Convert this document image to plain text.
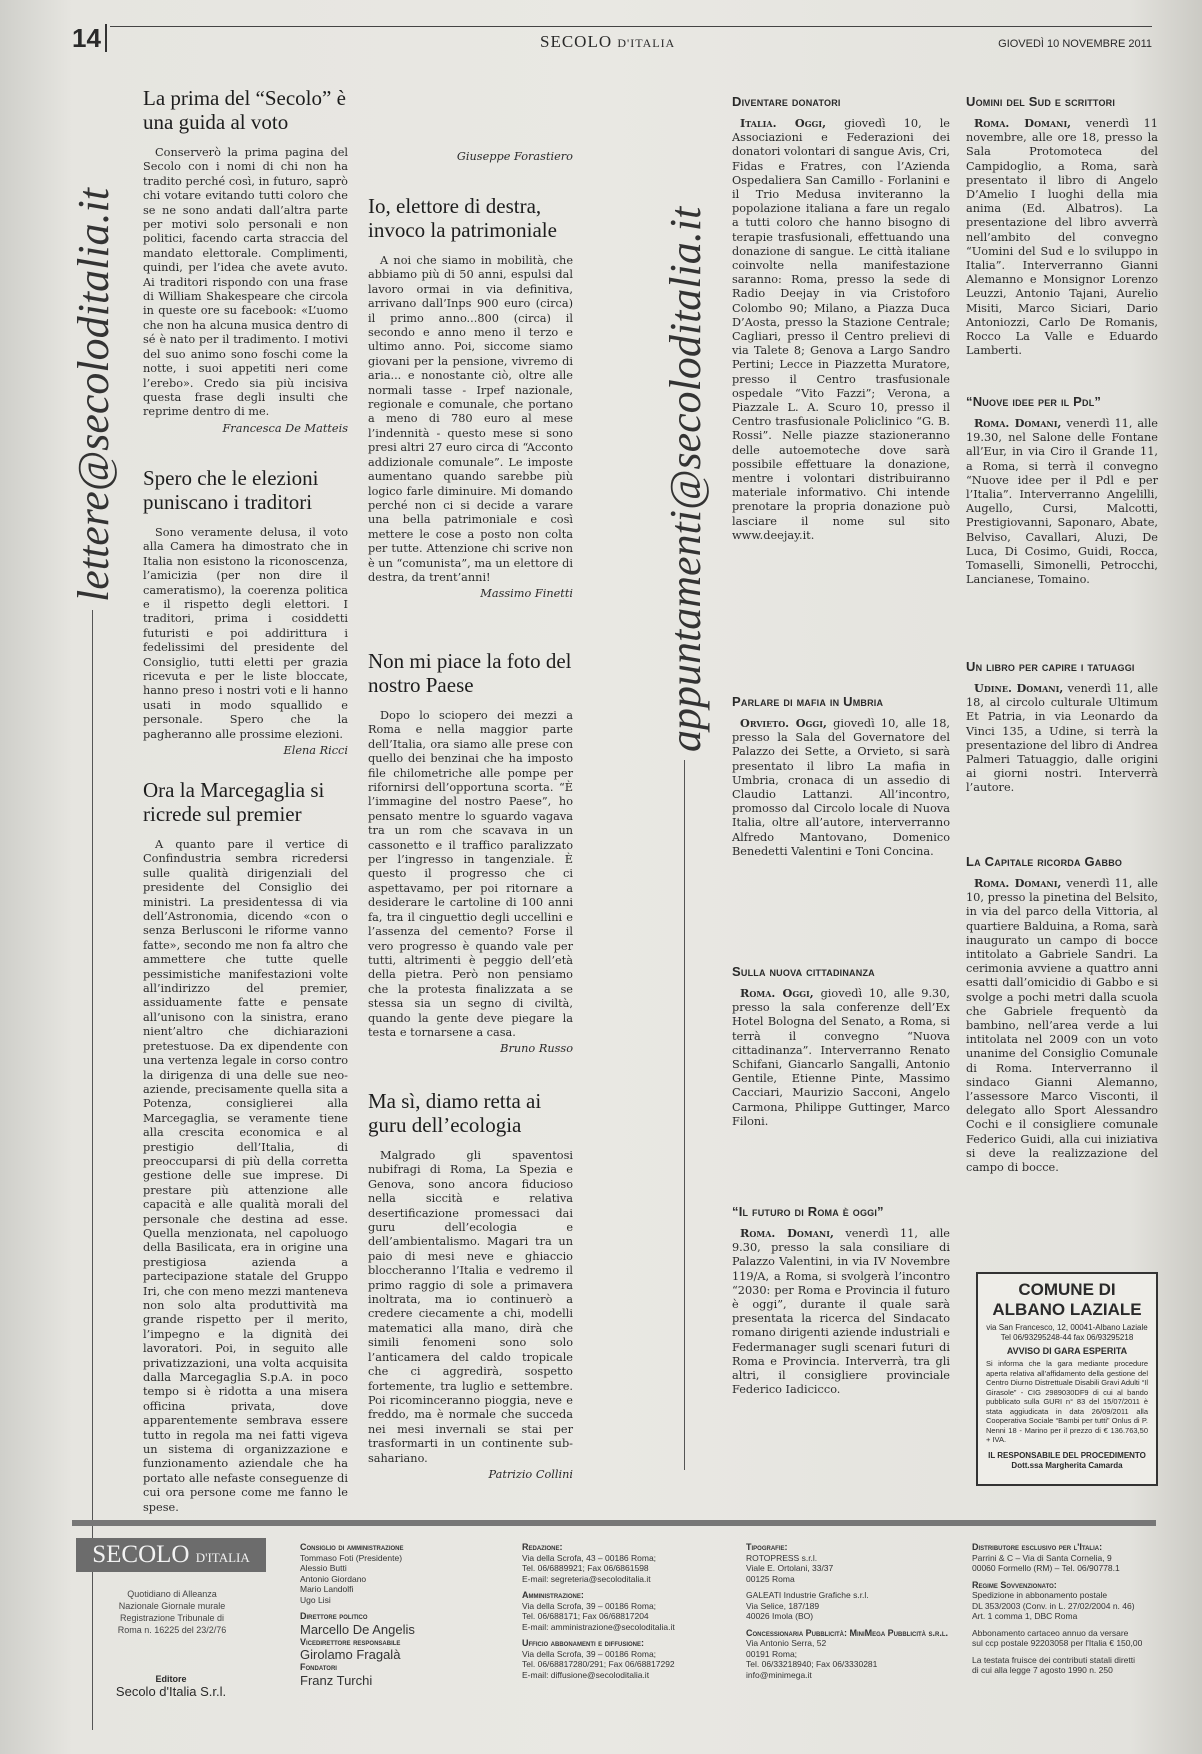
14	SECOLO D'ITALIA	GIOVEDÌ 10 NOVEMBRE 2011
lettere@secoloditalia.it	appuntamenti@secoloditalia.it
La prima del “Secolo” è una guida al voto

Conserverò la prima pagina del Secolo con i nomi di chi non ha tradito perché così, in futuro, saprò chi votare evitando tutti coloro che se ne sono andati dall’altra parte per motivi solo personali e non politici, facendo carta straccia del mandato elettorale. Complimenti, quindi, per l’idea che avete avuto. Ai traditori rispondo con una frase di William Shakespeare che circola in queste ore su facebook: «L’uomo che non ha alcuna musica dentro di sé è nato per il tradimento. I motivi del suo animo sono foschi come la notte, i suoi appetiti neri come l’erebo». Credo sia più incisiva questa frase degli insulti che reprime dentro di me.

Francesca De Matteis
Spero che le elezioni puniscano i traditori

Sono veramente delusa, il voto alla Camera ha dimostrato che in Italia non esistono la riconoscenza, l’amicizia (per non dire il cameratismo), la coerenza politica e il rispetto degli elettori. I traditori, prima i cosiddetti futuristi e poi addirittura i fedelissimi del presidente del Consiglio, tutti eletti per grazia ricevuta e per le liste bloccate, hanno preso i nostri voti e li hanno usati in modo squallido e personale. Spero che la pagheranno alle prossime elezioni.

Elena Ricci
Ora la Marcegaglia si ricrede sul premier

A quanto pare il vertice di Confindustria sembra ricredersi sulle qualità dirigenziali del presidente del Consiglio dei ministri. La presidentessa di via dell’Astronomia, dicendo «con o senza Berlusconi le riforme vanno fatte», secondo me non fa altro che ammettere che tutte quelle pessimistiche manifestazioni volte all’indirizzo del premier, assiduamente fatte e pensate all’unisono con la sinistra, erano nient’altro che dichiarazioni pretestuose. Da ex dipendente con una vertenza legale in corso contro la dirigenza di una delle sue neo-aziende, precisamente quella sita a Potenza, consiglierei alla Marcegaglia, se veramente tiene alla crescita economica e al prestigio dell’Italia, di preoccuparsi di più della corretta gestione delle sue imprese. Di prestare più attenzione alle capacità e alle qualità morali del personale che destina ad esse. Quella menzionata, nel capoluogo della Basilicata, era in origine una prestigiosa azienda a partecipazione statale del Gruppo Iri, che con meno mezzi manteneva non solo alta produttività ma grande rispetto per il merito, l’impegno e la dignità dei lavoratori. Poi, in seguito alle privatizzazioni, una volta acquisita dalla Marcegaglia S.p.A. in poco tempo si è ridotta a una misera officina privata, dove apparentemente sembrava essere tutto in regola ma nei fatti vigeva un sistema di organizzazione e funzionamento aziendale che ha portato alle nefaste conseguenze di cui ora persone come me fanno le spese.

Giuseppe Forastiero
Io, elettore di destra, invoco la patrimoniale

A noi che siamo in mobilità, che abbiamo più di 50 anni, espulsi dal lavoro ormai in via definitiva, arrivano dall’Inps 900 euro (circa) il primo anno...800 (circa) il secondo e anno meno il terzo e ultimo anno. Poi, siccome siamo giovani per la pensione, vivremo di aria... e nonostante ciò, oltre alle normali tasse - Irpef nazionale, regionale e comunale, che portano a meno di 780 euro al mese l’indennità - questo mese si sono presi altri 27 euro circa di “Acconto addizionale comunale”. Le imposte aumentano quando sarebbe più logico farle diminuire. Mi domando perché non ci si decide a varare una bella patrimoniale e così mettere le cose a posto non colta per tutte. Attenzione chi scrive non è un “comunista”, ma un elettore di destra, da trent’anni!

Massimo Finetti
Non mi piace la foto del nostro Paese

Dopo lo sciopero dei mezzi a Roma e nella maggior parte dell’Italia, ora siamo alle prese con quello dei benzinai che ha imposto file chilometriche alle pompe per rifornirsi dell’opportuna scorta. “È l’immagine del nostro Paese”, ho pensato mentre lo sguardo vagava tra un rom che scavava in un cassonetto e il traffico paralizzato per l’ingresso in tangenziale. È questo il progresso che ci aspettavamo, per poi ritornare a desiderare le cartoline di 100 anni fa, tra il cinguettio degli uccellini e l’assenza del cemento? Forse il vero progresso è quando vale per tutti, altrimenti è peggio dell’età della pietra. Però non pensiamo che la protesta finalizzata a se stessa sia un segno di civiltà, quando la gente deve piegare la testa e tornarsene a casa.

Bruno Russo
Ma sì, diamo retta ai guru dell’ecologia

Malgrado gli spaventosi nubifragi di Roma, La Spezia e Genova, sono ancora fiducioso nella siccità e relativa desertificazione promessaci dai guru dell’ecologia e dell’ambientalismo. Magari tra un paio di mesi neve e ghiaccio bloccheranno l’Italia e vedremo il primo raggio di sole a primavera inoltrata, ma io continuerò a credere ciecamente a chi, modelli matematici alla mano, dirà che simili fenomeni sono solo l’anticamera del caldo tropicale che ci aggredirà, sospetto fortemente, tra luglio e settembre. Poi ricominceranno pioggia, neve e freddo, ma è normale che succeda nei mesi invernali se stai per trasformarti in un continente sub-sahariano.

Patrizio Collini
Diventare donatori

Italia. Oggi, giovedì 10, le Associazioni e Federazioni dei donatori volontari di sangue Avis, Cri, Fidas e Fratres, con l’Azienda Ospedaliera San Camillo - Forlanini e il Trio Medusa inviteranno la popolazione italiana a fare un regalo a tutti coloro che hanno bisogno di terapie trasfusionali, effettuando una donazione di sangue. Le città italiane coinvolte nella manifestazione saranno: Roma, presso la sede di Radio Deejay in via Cristoforo Colombo 90; Milano, a Piazza Duca D’Aosta, presso la Stazione Centrale; Cagliari, presso il Centro prelievi di via Talete 8; Genova a Largo Sandro Pertini; Lecce in Piazzetta Muratore, presso il Centro trasfusionale ospedale “Vito Fazzi”; Verona, a Piazzale L. A. Scuro 10, presso il Centro trasfusionale Policlinico “G. B. Rossi”. Nelle piazze stazioneranno delle autoemoteche dove sarà possibile effettuare la donazione, mentre i volontari distribuiranno materiale informativo. Chi intende prenotare la propria donazione può lasciare il nome sul sito www.deejay.it.

Parlare di mafia in Umbria

Orvieto. Oggi, giovedì 10, alle 18, presso la Sala del Governatore del Palazzo dei Sette, a Orvieto, si sarà presentato il libro La mafia in Umbria, cronaca di un assedio di Claudio Lattanzi. All’incontro, promosso dal Circolo locale di Nuova Italia, oltre all’autore, interverranno Alfredo Mantovano, Domenico Benedetti Valentini e Toni Concina.

Sulla nuova cittadinanza

Roma. Oggi, giovedì 10, alle 9.30, presso la sala conferenze dell’Ex Hotel Bologna del Senato, a Roma, si terrà il convegno “Nuova cittadinanza”. Interverranno Renato Schifani, Giancarlo Sangalli, Antonio Gentile, Etienne Pinte, Massimo Cacciari, Maurizio Sacconi, Angelo Carmona, Philippe Guttinger, Marco Filoni.

“Il futuro di Roma è oggi”

Roma. Domani, venerdì 11, alle 9.30, presso la sala consiliare di Palazzo Valentini, in via IV Novembre 119/A, a Roma, si svolgerà l’incontro “2030: per Roma e Provincia il futuro è oggi”, durante il quale sarà presentata la ricerca del Sindacato romano dirigenti aziende industriali e Federmanager sugli scenari futuri di Roma e Provincia. Interverrà, tra gli altri, il consigliere provinciale Federico Iadicicco.

Uomini del Sud e scrittori

Roma. Domani, venerdì 11 novembre, alle ore 18, presso la Sala Protomoteca del Campidoglio, a Roma, sarà presentato il libro di Angelo D’Amelio I luoghi della mia anima (Ed. Albatros). La presentazione del libro avverrà nell’ambito del convegno “Uomini del Sud e lo sviluppo in Italia”. Interverranno Gianni Alemanno e Monsignor Lorenzo Leuzzi, Antonio Tajani, Aurelio Misiti, Marco Siciari, Dario Antoniozzi, Carlo De Romanis, Rocco La Valle e Eduardo Lamberti.

“Nuove idee per il Pdl”

Roma. Domani, venerdì 11, alle 19.30, nel Salone delle Fontane all’Eur, in via Ciro il Grande 11, a Roma, si terrà il convegno “Nuove idee per il Pdl e per l’Italia”. Interverranno Angelilli, Augello, Cursi, Malcotti, Prestigiovanni, Saponaro, Abate, Belviso, Cavallari, Aluzi, De Luca, Di Cosimo, Guidi, Rocca, Tomaselli, Simonelli, Petrocchi, Lancianese, Tomaino.

Un libro per capire i tatuaggi

Udine. Domani, venerdì 11, alle 18, al circolo culturale Ultimum Et Patria, in via Leonardo da Vinci 135, a Udine, si terrà la presentazione del libro di Andrea Palmeri Tatuaggio, dalle origini ai giorni nostri. Interverrà l’autore.

La Capitale ricorda Gabbo

Roma. Domani, venerdì 11, alle 10, presso la pinetina del Belsito, in via del parco della Vittoria, al quartiere Balduina, a Roma, sarà inaugurato un campo di bocce intitolato a Gabriele Sandri. La cerimonia avviene a quattro anni esatti dall’omicidio di Gabbo e si svolge a pochi metri dalla scuola che Gabriele frequentò da bambino, nell’area verde a lui intitolata nel 2009 con un voto unanime del Consiglio Comunale di Roma. Interverranno il sindaco Gianni Alemanno, l’assessore Marco Visconti, il delegato allo Sport Alessandro Cochi e il consigliere comunale Federico Guidi, alla cui iniziativa si deve la realizzazione del campo di bocce.

COMUNE DI
ALBANO LAZIALE
via San Francesco, 12, 00041-Albano Laziale Tel 06/93295248-44 fax 06/93295218
AVVISO DI GARA ESPERITA
Si informa che la gara mediante procedure aperta relativa all’affidamento della gestione del Centro Diurno Distrettuale Disabili Gravi Adulti “Il Girasole” - CIG 2989030DF9 di cui al bando pubblicato sulla GURI n° 83 del 15/07/2011 è stata aggiudicata in data 26/09/2011 alla Cooperativa Sociale “Bambi per tutti” Onlus di P. Nenni 18 - Marino per il prezzo di € 136.763,50 + IVA.
IL RESPONSABILE DEL PROCEDIMENTO Dott.ssa Margherita Camarda
SECOLO D'ITALIA
Quotidiano di Alleanza Nazionale Giornale murale Registrazione Tribunale di Roma n. 16225 del 23/2/76
Editore
Secolo d'Italia S.r.l.
Consiglio di amministrazione
Tommaso Foti (Presidente)
Alessio Butti
Antonio Giordano
Mario Landolfi
Ugo Lisi
Direttore politico
Marcello De Angelis
Vicedirettore responsabile
Girolamo Fragalà
Fondatori
Franz Turchi
Redazione:
Via della Scrofa, 43 – 00186 Roma;
Tel. 06/6889921; Fax 06/6861598
E-mail: segreteria@secoloditalia.it
Amministrazione:
Via della Scrofa, 39 – 00186 Roma;
Tel. 06/688171; Fax 06/68817204
E-mail: amministrazione@secoloditalia.it
Ufficio abbonamenti e diffusione:
Via della Scrofa, 39 – 00186 Roma;
Tel. 06/68817280/291; Fax 06/68817292
E-mail: diffusione@secoloditalia.it
Tipografie:
ROTOPRESS s.r.l.
Viale E. Ortolani, 33/37
00125 Roma
GALEATI Industrie Grafiche s.r.l.
Via Selice, 187/189
40026 Imola (BO)
Concessionaria Pubblicità: MiniMega Pubblicità s.r.l.
Via Antonio Serra, 52
00191 Roma;
Tel. 06/33218940; Fax 06/3330281
info@minimega.it
Distributore esclusivo per l'Italia:
Parrini & C – Via di Santa Cornelia, 9
00060 Formello (RM) – Tel. 06/90778.1
Regime Sovvenzionato:
Spedizione in abbonamento postale
DL 353/2003 (Conv. in L. 27/02/2004 n. 46)
Art. 1 comma 1, DBC Roma
Abbonamento cartaceo annuo da versare
sul ccp postale 92203058 per l'Italia € 150,00
La testata fruisce dei contributi statali diretti
di cui alla legge 7 agosto 1990 n. 250
